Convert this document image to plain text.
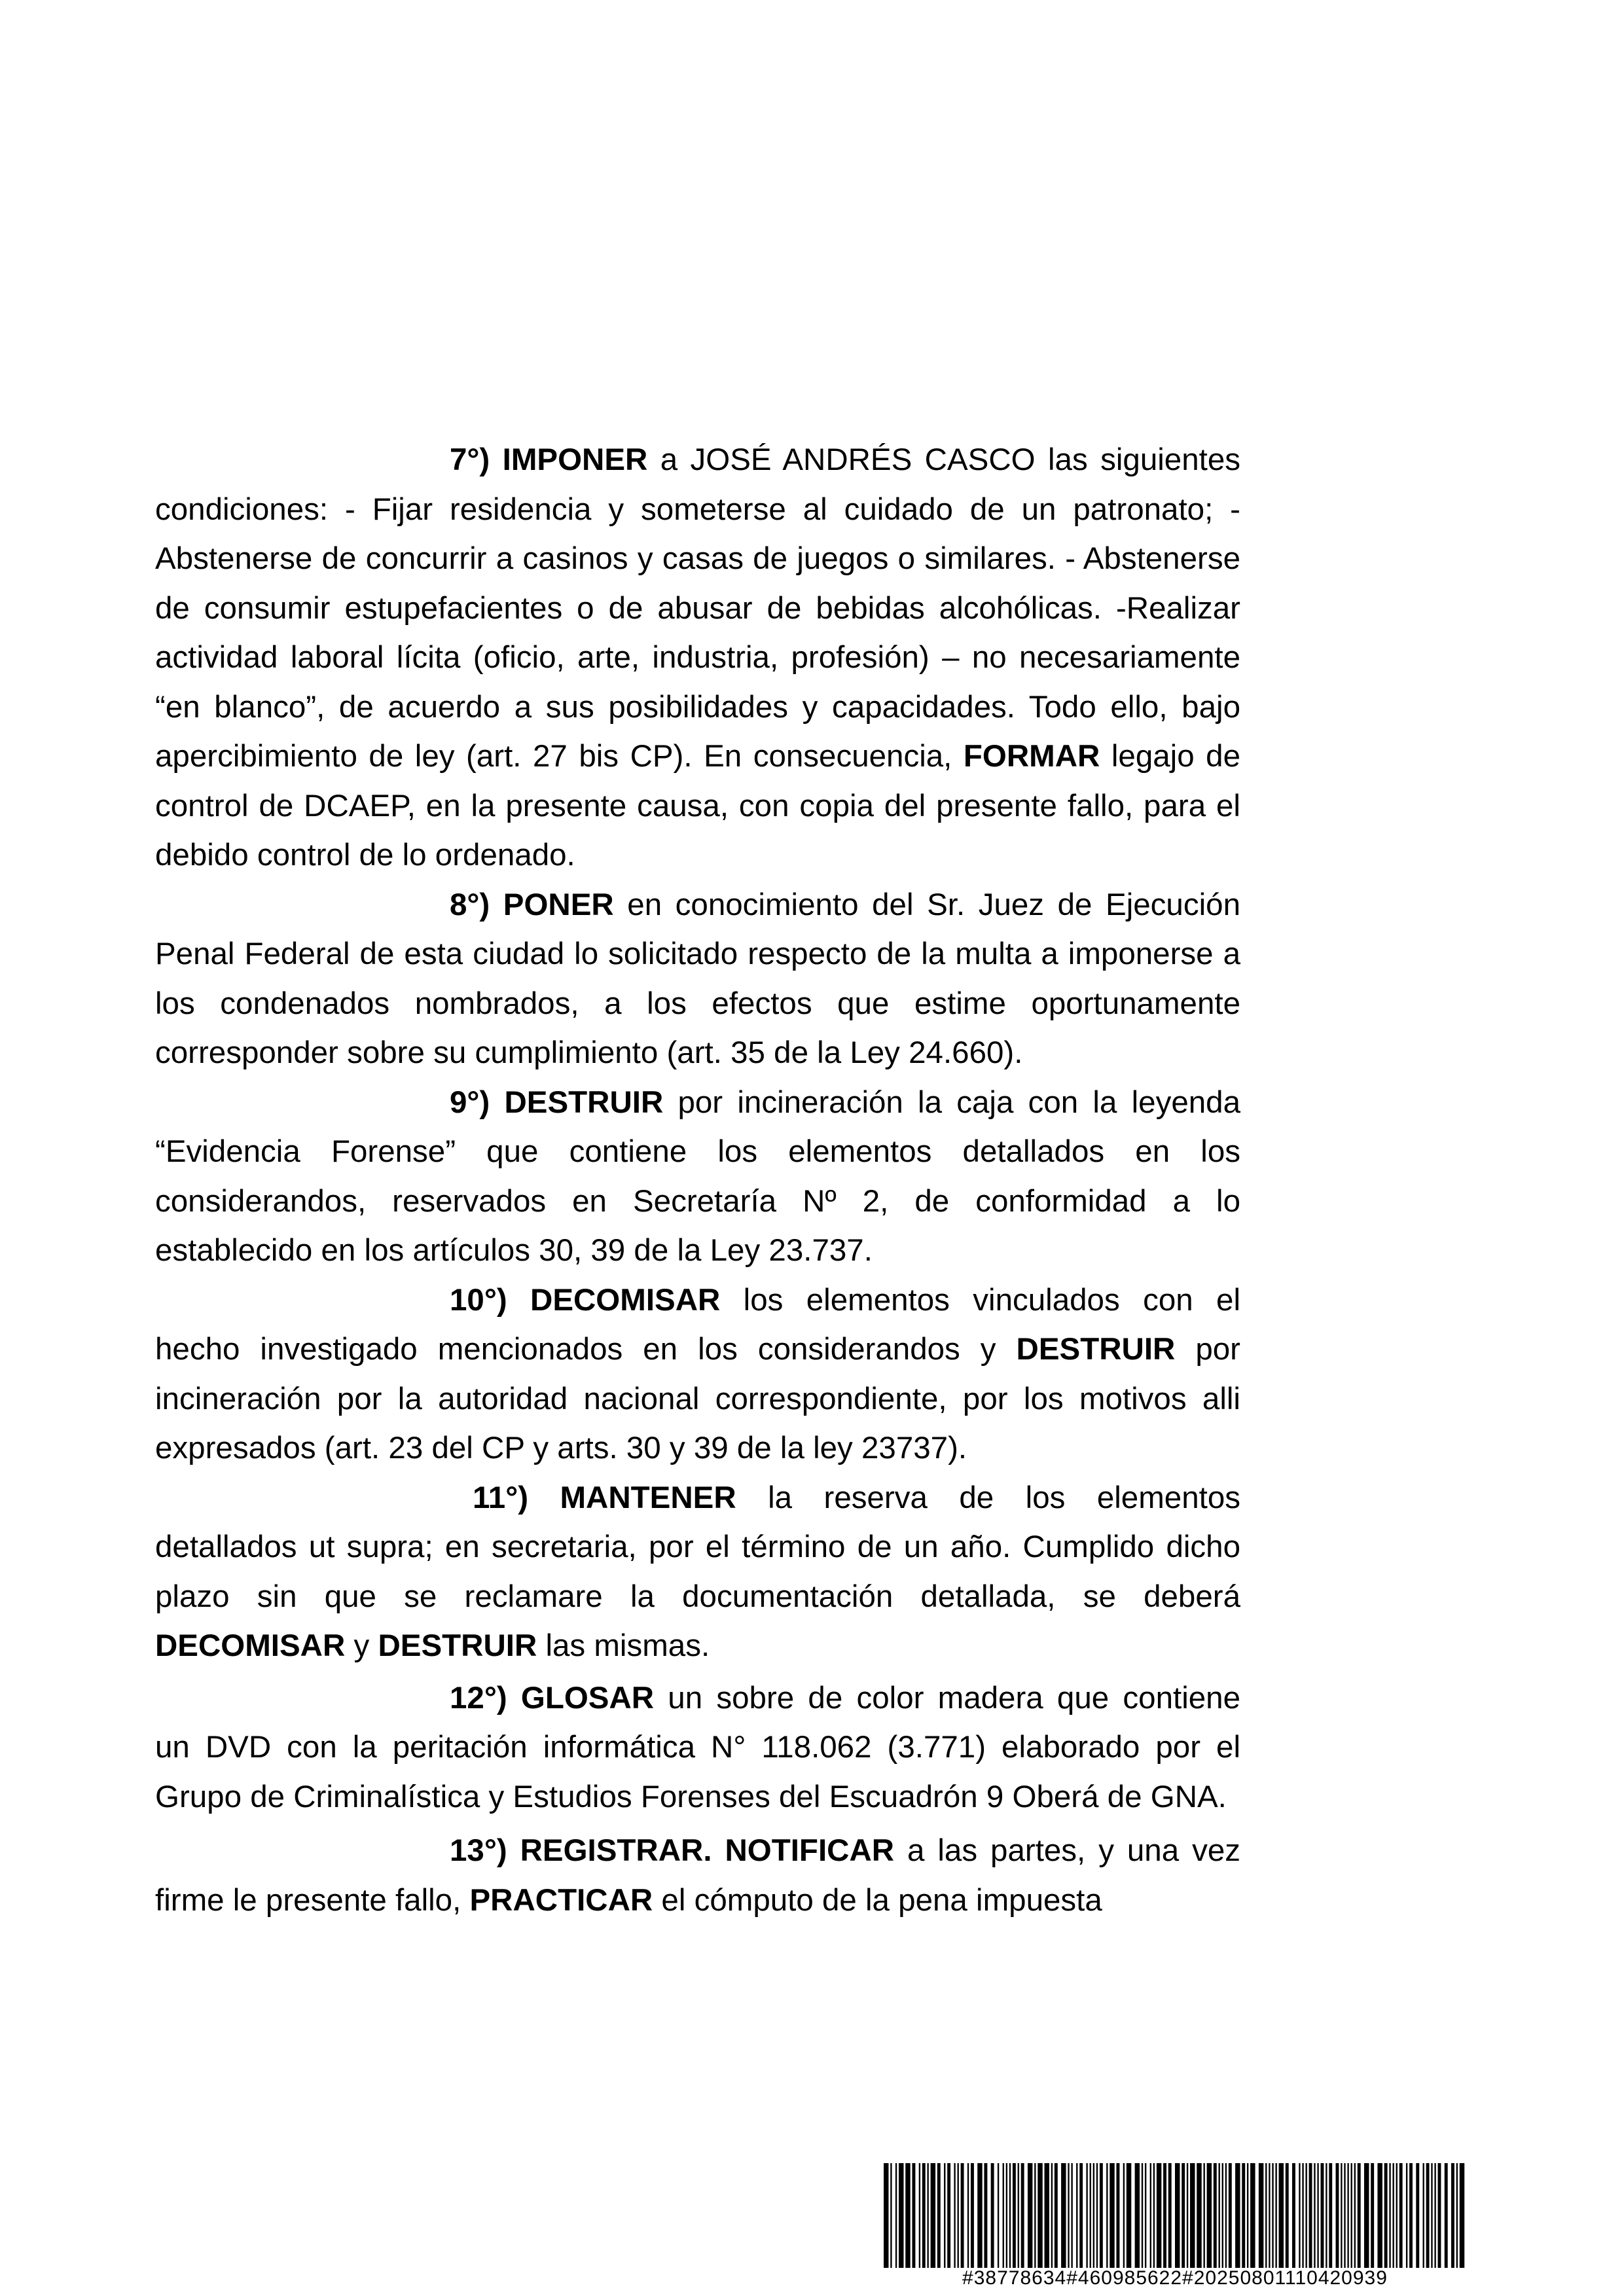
7°) IMPONER a JOSÉ ANDRÉS CASCO las siguientes condiciones: - Fijar residencia y someterse al cuidado de un patronato; - Abstenerse de concurrir a casinos y casas de juegos o similares. - Abstenerse de consumir estupefacientes o de abusar de bebidas alcohólicas. -Realizar actividad laboral lícita (oficio, arte, industria, profesión) – no necesariamente “en blanco”, de acuerdo a sus posibilidades y capacidades. Todo ello, bajo apercibimiento de ley (art. 27 bis CP). En consecuencia, FORMAR legajo de control de DCAEP, en la presente causa, con copia del presente fallo, para el debido control de lo ordenado.

8°) PONER en conocimiento del Sr. Juez de Ejecución Penal Federal de esta ciudad lo solicitado respecto de la multa a imponerse a los condenados nombrados, a los efectos que estime oportunamente corresponder sobre su cumplimiento (art. 35 de la Ley 24.660).

9°) DESTRUIR por incineración la caja con la leyenda “Evidencia Forense” que contiene los elementos detallados en los considerandos, reservados en Secretaría Nº 2, de conformidad a lo establecido en los artículos 30, 39 de la Ley 23.737.

10°) DECOMISAR los elementos vinculados con el hecho investigado mencionados en los considerandos y DESTRUIR por incineración por la autoridad nacional correspondiente, por los motivos alli expresados (art. 23 del CP y arts. 30 y 39 de la ley 23737).

11°) MANTENER la reserva de los elementos detallados ut supra; en secretaria, por el término de un año. Cumplido dicho plazo sin que se reclamare la documentación detallada, se deberá DECOMISAR y DESTRUIR las mismas.

12°) GLOSAR un sobre de color madera que contiene un DVD con la peritación informática N° 118.062 (3.771) elaborado por el Grupo de Criminalística y Estudios Forenses del Escuadrón 9 Oberá de GNA.

13°) REGISTRAR. NOTIFICAR a las partes, y una vez firme le presente fallo, PRACTICAR el cómputo de la pena impuesta

#38778634#460985622#20250801110420939
